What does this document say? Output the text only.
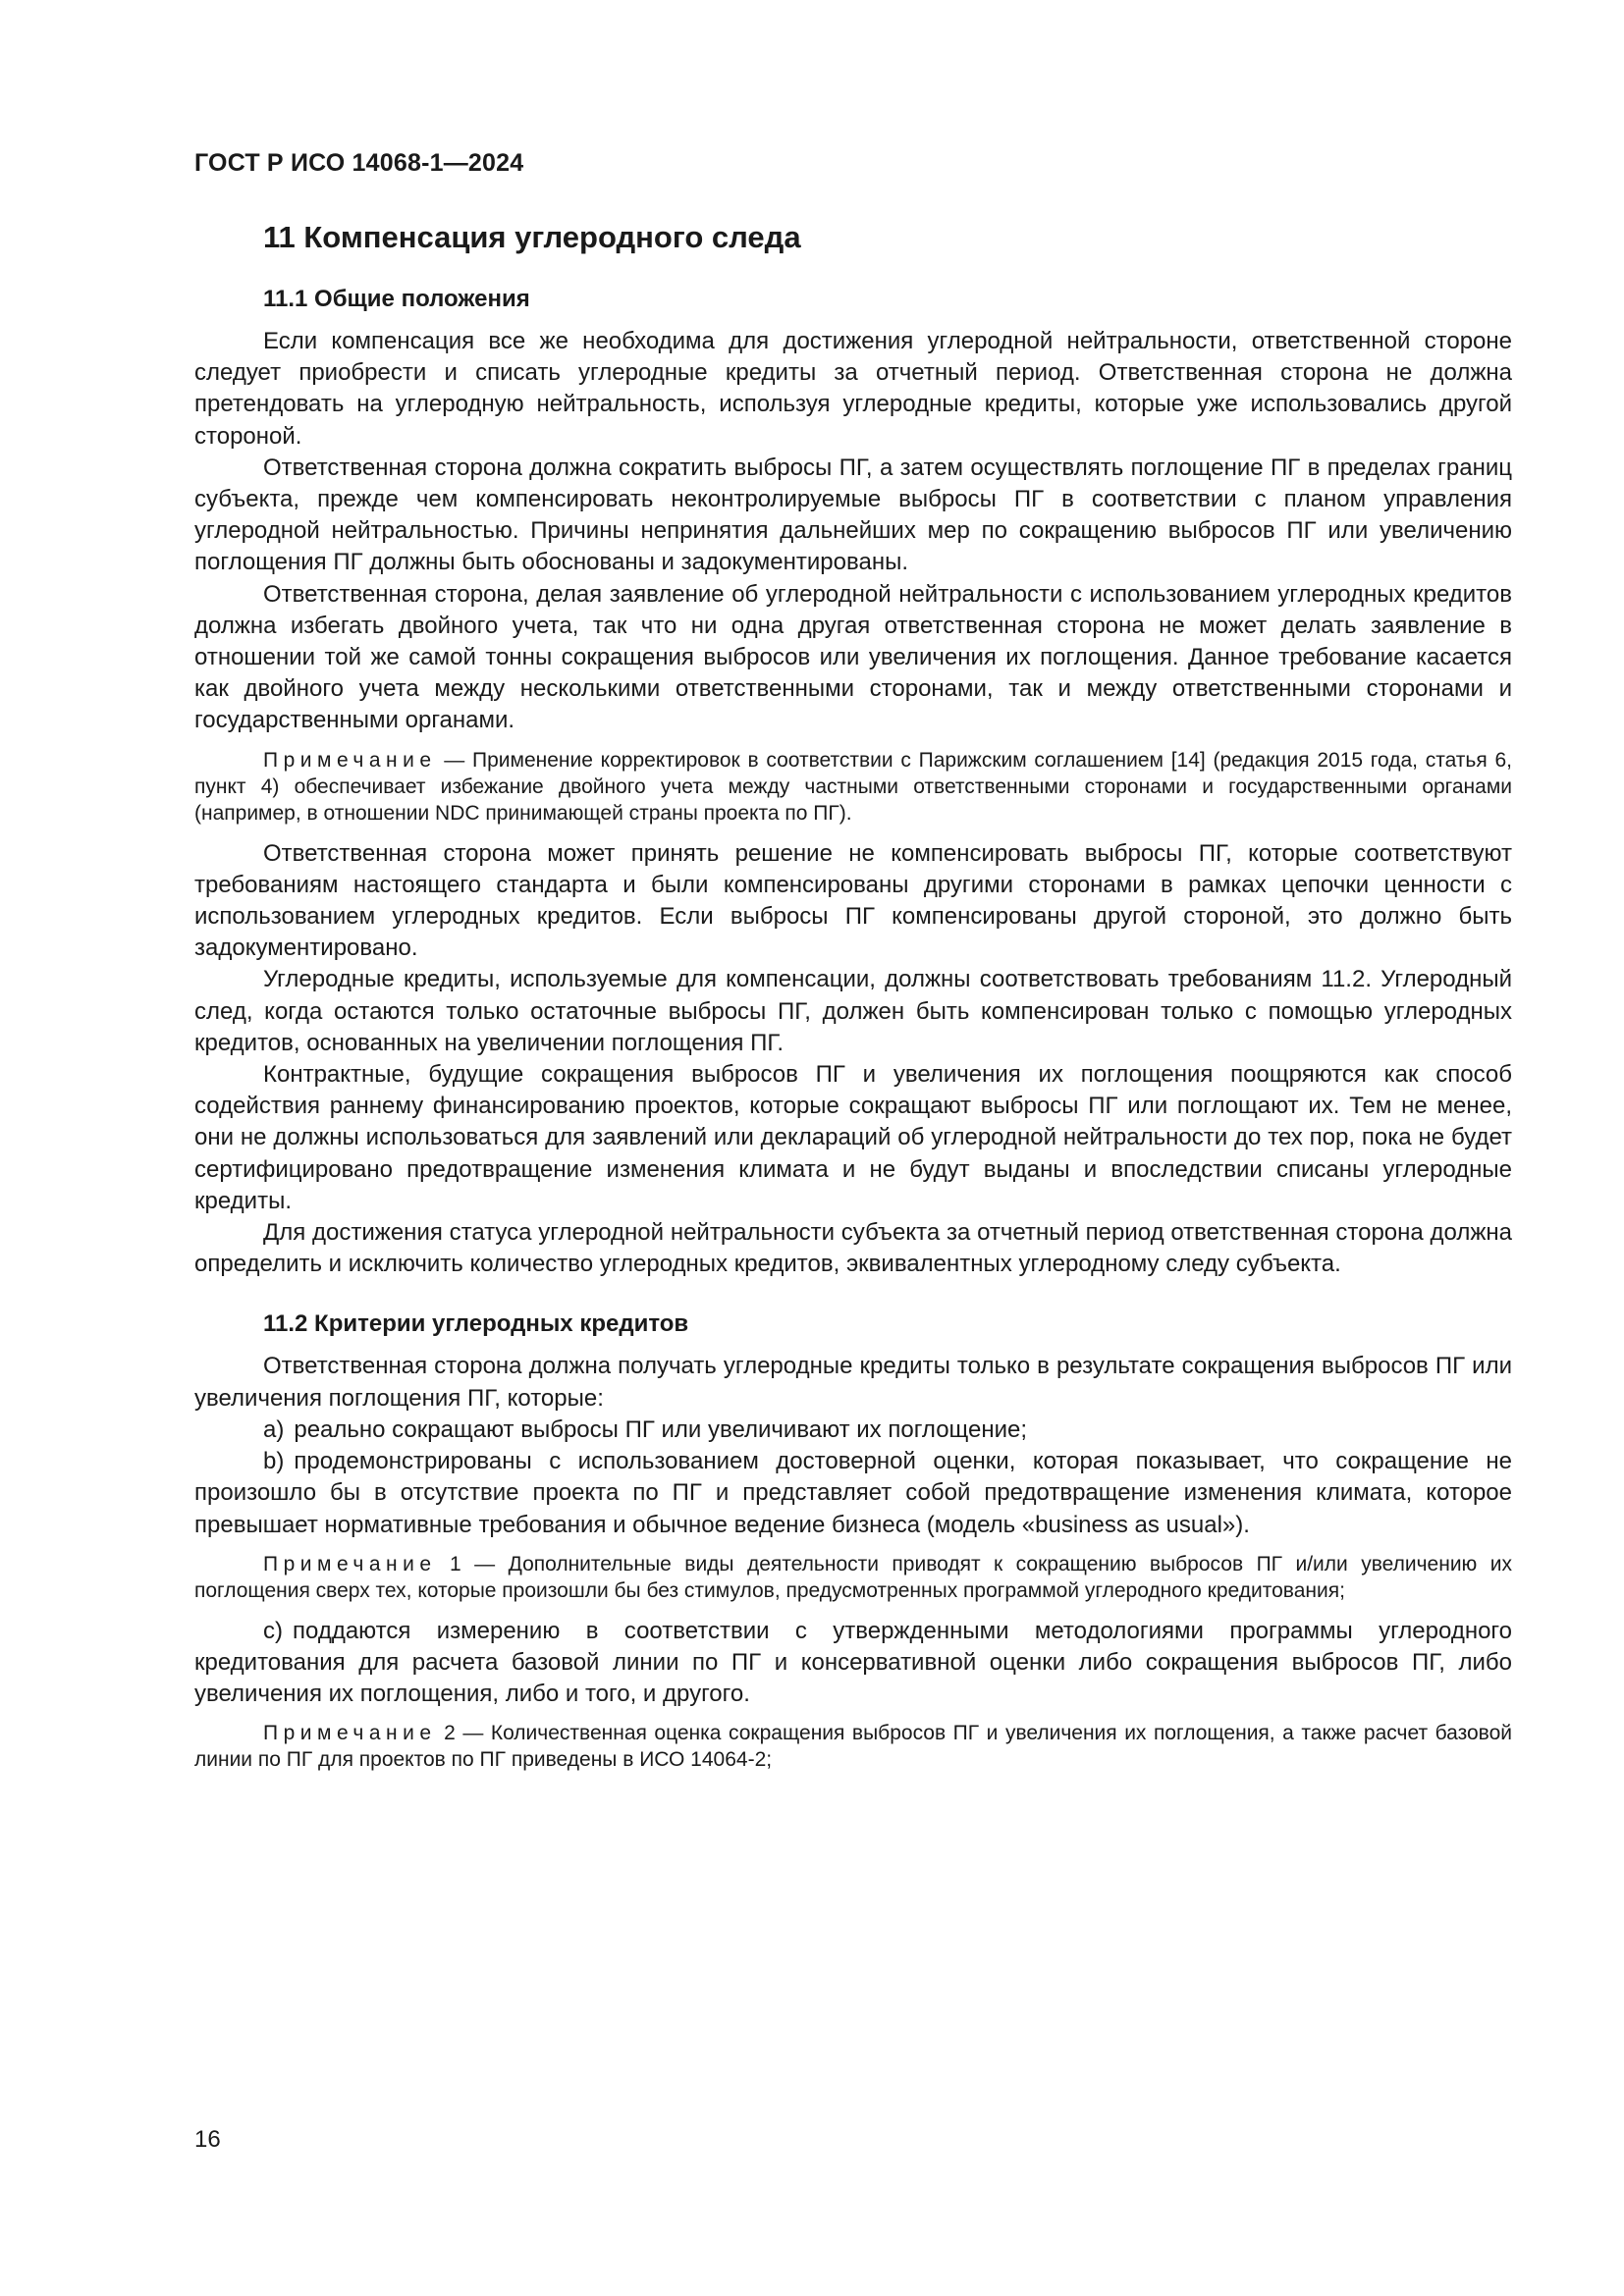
ГОСТ Р ИСО 14068-1—2024
11 Компенсация углеродного следа
11.1 Общие положения

Если компенсация все же необходима для достижения углеродной нейтральности, ответственной стороне следует приобрести и списать углеродные кредиты за отчетный период. Ответственная сторона не должна претендовать на углеродную нейтральность, используя углеродные кредиты, которые уже использовались другой стороной.

Ответственная сторона должна сократить выбросы ПГ, а затем осуществлять поглощение ПГ в пределах границ субъекта, прежде чем компенсировать неконтролируемые выбросы ПГ в соответствии с планом управления углеродной нейтральностью. Причины непринятия дальнейших мер по сокращению выбросов ПГ или увеличению поглощения ПГ должны быть обоснованы и задокументированы.

Ответственная сторона, делая заявление об углеродной нейтральности с использованием углеродных кредитов должна избегать двойного учета, так что ни одна другая ответственная сторона не может делать заявление в отношении той же самой тонны сокращения выбросов или увеличения их поглощения. Данное требование касается как двойного учета между несколькими ответственными сторонами, так и между ответственными сторонами и государственными органами.

Примечание — Применение корректировок в соответствии с Парижским соглашением [14] (редакция 2015 года, статья 6, пункт 4) обеспечивает избежание двойного учета между частными ответственными сторонами и государственными органами (например, в отношении NDC принимающей страны проекта по ПГ).

Ответственная сторона может принять решение не компенсировать выбросы ПГ, которые соответствуют требованиям настоящего стандарта и были компенсированы другими сторонами в рамках цепочки ценности с использованием углеродных кредитов. Если выбросы ПГ компенсированы другой стороной, это должно быть задокументировано.

Углеродные кредиты, используемые для компенсации, должны соответствовать требованиям 11.2. Углеродный след, когда остаются только остаточные выбросы ПГ, должен быть компенсирован только с помощью углеродных кредитов, основанных на увеличении поглощения ПГ.

Контрактные, будущие сокращения выбросов ПГ и увеличения их поглощения поощряются как способ содействия раннему финансированию проектов, которые сокращают выбросы ПГ или поглощают их. Тем не менее, они не должны использоваться для заявлений или деклараций об углеродной нейтральности до тех пор, пока не будет сертифицировано предотвращение изменения климата и не будут выданы и впоследствии списаны углеродные кредиты.

Для достижения статуса углеродной нейтральности субъекта за отчетный период ответственная сторона должна определить и исключить количество углеродных кредитов, эквивалентных углеродному следу субъекта.

11.2 Критерии углеродных кредитов

Ответственная сторона должна получать углеродные кредиты только в результате сокращения выбросов ПГ или увеличения поглощения ПГ, которые:

a) реально сокращают выбросы ПГ или увеличивают их поглощение;

b) продемонстрированы с использованием достоверной оценки, которая показывает, что сокращение не произошло бы в отсутствие проекта по ПГ и представляет собой предотвращение изменения климата, которое превышает нормативные требования и обычное ведение бизнеса (модель «business as usual»).

Примечание 1 — Дополнительные виды деятельности приводят к сокращению выбросов ПГ и/или увеличению их поглощения сверх тех, которые произошли бы без стимулов, предусмотренных программой углеродного кредитования;

c) поддаются измерению в соответствии с утвержденными методологиями программы углеродного кредитования для расчета базовой линии по ПГ и консервативной оценки либо сокращения выбросов ПГ, либо увеличения их поглощения, либо и того, и другого.

Примечание 2 — Количественная оценка сокращения выбросов ПГ и увеличения их поглощения, а также расчет базовой линии по ПГ для проектов по ПГ приведены в ИСО 14064-2;

16
